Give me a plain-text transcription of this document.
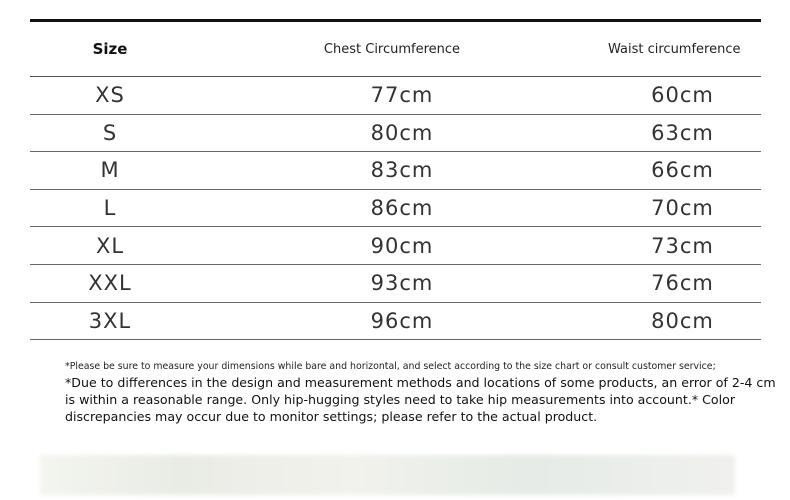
Size	Chest Circumference	Waist circumference
XS	77cm	60cm
S	80cm	63cm
M	83cm	66cm
L	86cm	70cm
XL	90cm	73cm
XXL	93cm	76cm
3XL	96cm	80cm
*Please be sure to measure your dimensions while bare and horizontal, and select according to the size chart or consult customer service;
*Due to differences in the design and measurement methods and locations of some products, an error of 2-4 cm is within a reasonable range. Only hip-hugging styles need to take hip measurements into account.* Color discrepancies may occur due to monitor settings; please refer to the actual product.
